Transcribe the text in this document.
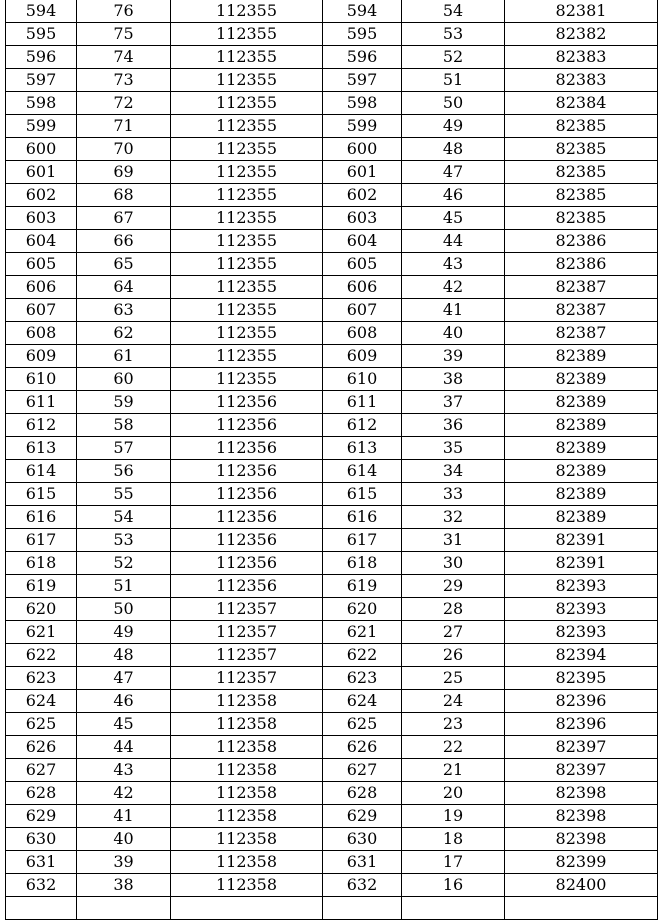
594	76	112355	594	54	82381
595	75	112355	595	53	82382
596	74	112355	596	52	82383
597	73	112355	597	51	82383
598	72	112355	598	50	82384
599	71	112355	599	49	82385
600	70	112355	600	48	82385
601	69	112355	601	47	82385
602	68	112355	602	46	82385
603	67	112355	603	45	82385
604	66	112355	604	44	82386
605	65	112355	605	43	82386
606	64	112355	606	42	82387
607	63	112355	607	41	82387
608	62	112355	608	40	82387
609	61	112355	609	39	82389
610	60	112355	610	38	82389
611	59	112356	611	37	82389
612	58	112356	612	36	82389
613	57	112356	613	35	82389
614	56	112356	614	34	82389
615	55	112356	615	33	82389
616	54	112356	616	32	82389
617	53	112356	617	31	82391
618	52	112356	618	30	82391
619	51	112356	619	29	82393
620	50	112357	620	28	82393
621	49	112357	621	27	82393
622	48	112357	622	26	82394
623	47	112357	623	25	82395
624	46	112358	624	24	82396
625	45	112358	625	23	82396
626	44	112358	626	22	82397
627	43	112358	627	21	82397
628	42	112358	628	20	82398
629	41	112358	629	19	82398
630	40	112358	630	18	82398
631	39	112358	631	17	82399
632	38	112358	632	16	82400
